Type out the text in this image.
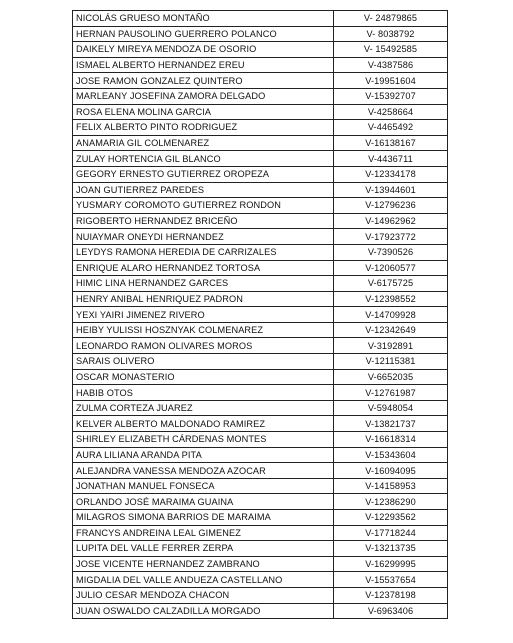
NICOLÁS GRUESO MONTAÑO	V- 24879865
HERNAN PAUSOLINO GUERRERO POLANCO	V- 8038792
DAIKELY MIREYA MENDOZA DE OSORIO	V- 15492585
ISMAEL ALBERTO HERNANDEZ EREU	V-4387586
JOSE RAMON GONZALEZ QUINTERO	V-19951604
MARLEANY JOSEFINA ZAMORA DELGADO	V-15392707
ROSA ELENA MOLINA GARCIA	V-4258664
FELIX ALBERTO PINTO RODRIGUEZ	V-4465492
ANAMARIA GIL COLMENAREZ	V-16138167
ZULAY HORTENCIA GIL BLANCO	V-4436711
GEGORY ERNESTO GUTIERREZ OROPEZA	V-12334178
JOAN GUTIERREZ PAREDES	V-13944601
YUSMARY COROMOTO GUTIERREZ RONDON	V-12796236
RIGOBERTO HERNANDEZ BRICEÑO	V-14962962
NUIAYMAR ONEYDI HERNANDEZ	V-17923772
LEYDYS RAMONA HEREDIA DE CARRIZALES	V-7390526
ENRIQUE ALARO HERNANDEZ TORTOSA	V-12060577
HIMIC LINA HERNANDEZ GARCES	V-6175725
HENRY ANIBAL HENRIQUEZ PADRON	V-12398552
YEXI YAIRI JIMENEZ RIVERO	V-14709928
HEIBY YULISSI HOSZNYAK COLMENAREZ	V-12342649
LEONARDO RAMON OLIVARES MOROS	V-3192891
SARAIS OLIVERO	V-12115381
OSCAR MONASTERIO	V-6652035
HABIB OTOS	V-12761987
ZULMA CORTEZA JUAREZ	V-5948054
KELVER ALBERTO MALDONADO RAMIREZ	V-13821737
SHIRLEY ELIZABETH CÁRDENAS MONTES	V-16618314
AURA LILIANA ARANDA PITA	V-15343604
ALEJANDRA VANESSA MENDOZA AZOCAR	V-16094095
JONATHAN MANUEL FONSECA	V-14158953
ORLANDO JOSÉ MARAIMA GUAINA	V-12386290
MILAGROS SIMONA BARRIOS DE MARAIMA	V-12293562
FRANCYS ANDREINA LEAL GIMENEZ	V-17718244
LUPITA DEL VALLE FERRER ZERPA	V-13213735
JOSE VICENTE HERNANDEZ ZAMBRANO	V-16299995
MIGDALIA DEL VALLE ANDUEZA CASTELLANO	V-15537654
JULIO CESAR MENDOZA CHACON	V-12378198
JUAN OSWALDO CALZADILLA MORGADO	V-6963406
